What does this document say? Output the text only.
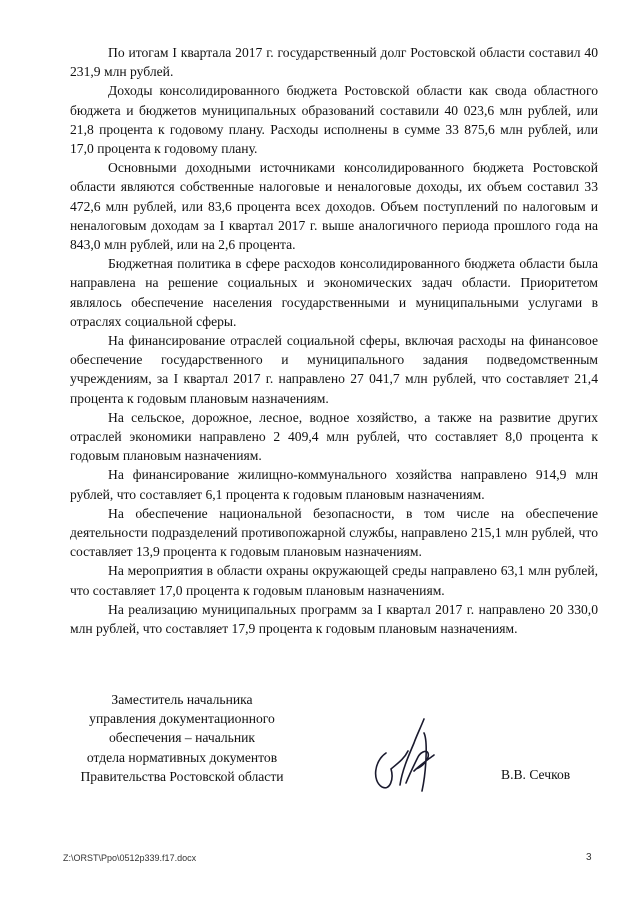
По итогам I квартала 2017 г. государственный долг Ростовской области составил 40 231,9 млн рублей.

Доходы консолидированного бюджета Ростовской области как свода областного бюджета и бюджетов муниципальных образований составили 40 023,6 млн рублей, или 21,8 процента к годовому плану. Расходы исполнены в сумме 33 875,6 млн рублей, или 17,0 процента к годовому плану.

Основными доходными источниками консолидированного бюджета Ростовской области являются собственные налоговые и неналоговые доходы, их объем составил 33 472,6 млн рублей, или 83,6 процента всех доходов. Объем поступлений по налоговым и неналоговым доходам за I квартал 2017 г. выше аналогичного периода прошлого года на 843,0 млн рублей, или на 2,6 процента.

Бюджетная политика в сфере расходов консолидированного бюджета области была направлена на решение социальных и экономических задач области. Приоритетом являлось обеспечение населения государственными и муниципальными услугами в отраслях социальной сферы.

На финансирование отраслей социальной сферы, включая расходы на финансовое обеспечение государственного и муниципального задания подведомственным учреждениям, за I квартал 2017 г. направлено 27 041,7 млн рублей, что составляет 21,4 процента к годовым плановым назначениям.

На сельское, дорожное, лесное, водное хозяйство, а также на развитие других отраслей экономики направлено 2 409,4 млн рублей, что составляет 8,0 процента к годовым плановым назначениям.

На финансирование жилищно-коммунального хозяйства направлено 914,9 млн рублей, что составляет 6,1 процента к годовым плановым назначениям.

На обеспечение национальной безопасности, в том числе на обеспечение деятельности подразделений противопожарной службы, направлено 215,1 млн рублей, что составляет 13,9 процента к годовым плановым назначениям.

На мероприятия в области охраны окружающей среды направлено 63,1 млн рублей, что составляет 17,0 процента к годовым плановым назначениям.

На реализацию муниципальных программ за I квартал 2017 г. направлено 20 330,0 млн рублей, что составляет 17,9 процента к годовым плановым назначениям.

Заместитель начальника
управления документационного
обеспечения – начальник
отдела нормативных документов
Правительства Ростовской области	В.В. Сечков
Z:\ORST\Ppo\0512p339.f17.docx	3
